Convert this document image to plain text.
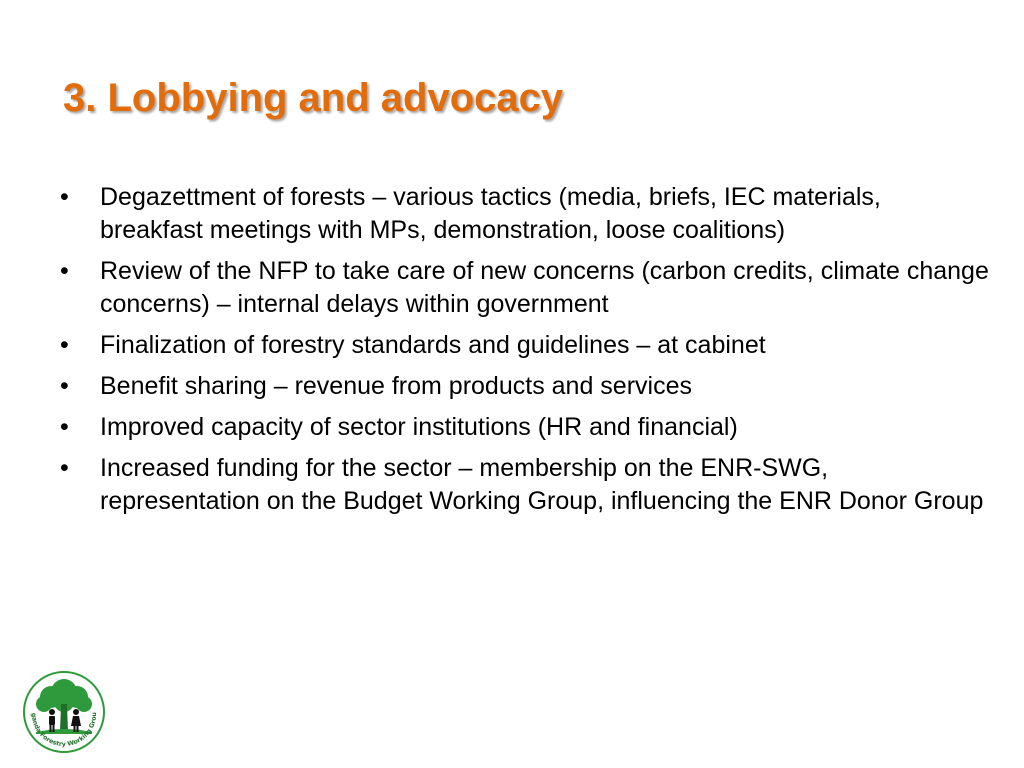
3. Lobbying and advocacy
•	Degazettment of forests – various tactics (media, briefs, IEC materials, breakfast meetings with MPs, demonstration, loose coalitions)
•	Review of the NFP to take care of new concerns (carbon credits, climate change concerns) – internal delays within government
•	Finalization of forestry standards and guidelines – at cabinet
•	Benefit sharing – revenue from products and services
•	Improved capacity of sector institutions (HR and financial)
•	Increased funding for the sector – membership on the ENR-SWG, representation on the Budget Working Group, influencing the ENR Donor Group
ganda Forestry Working Grou
